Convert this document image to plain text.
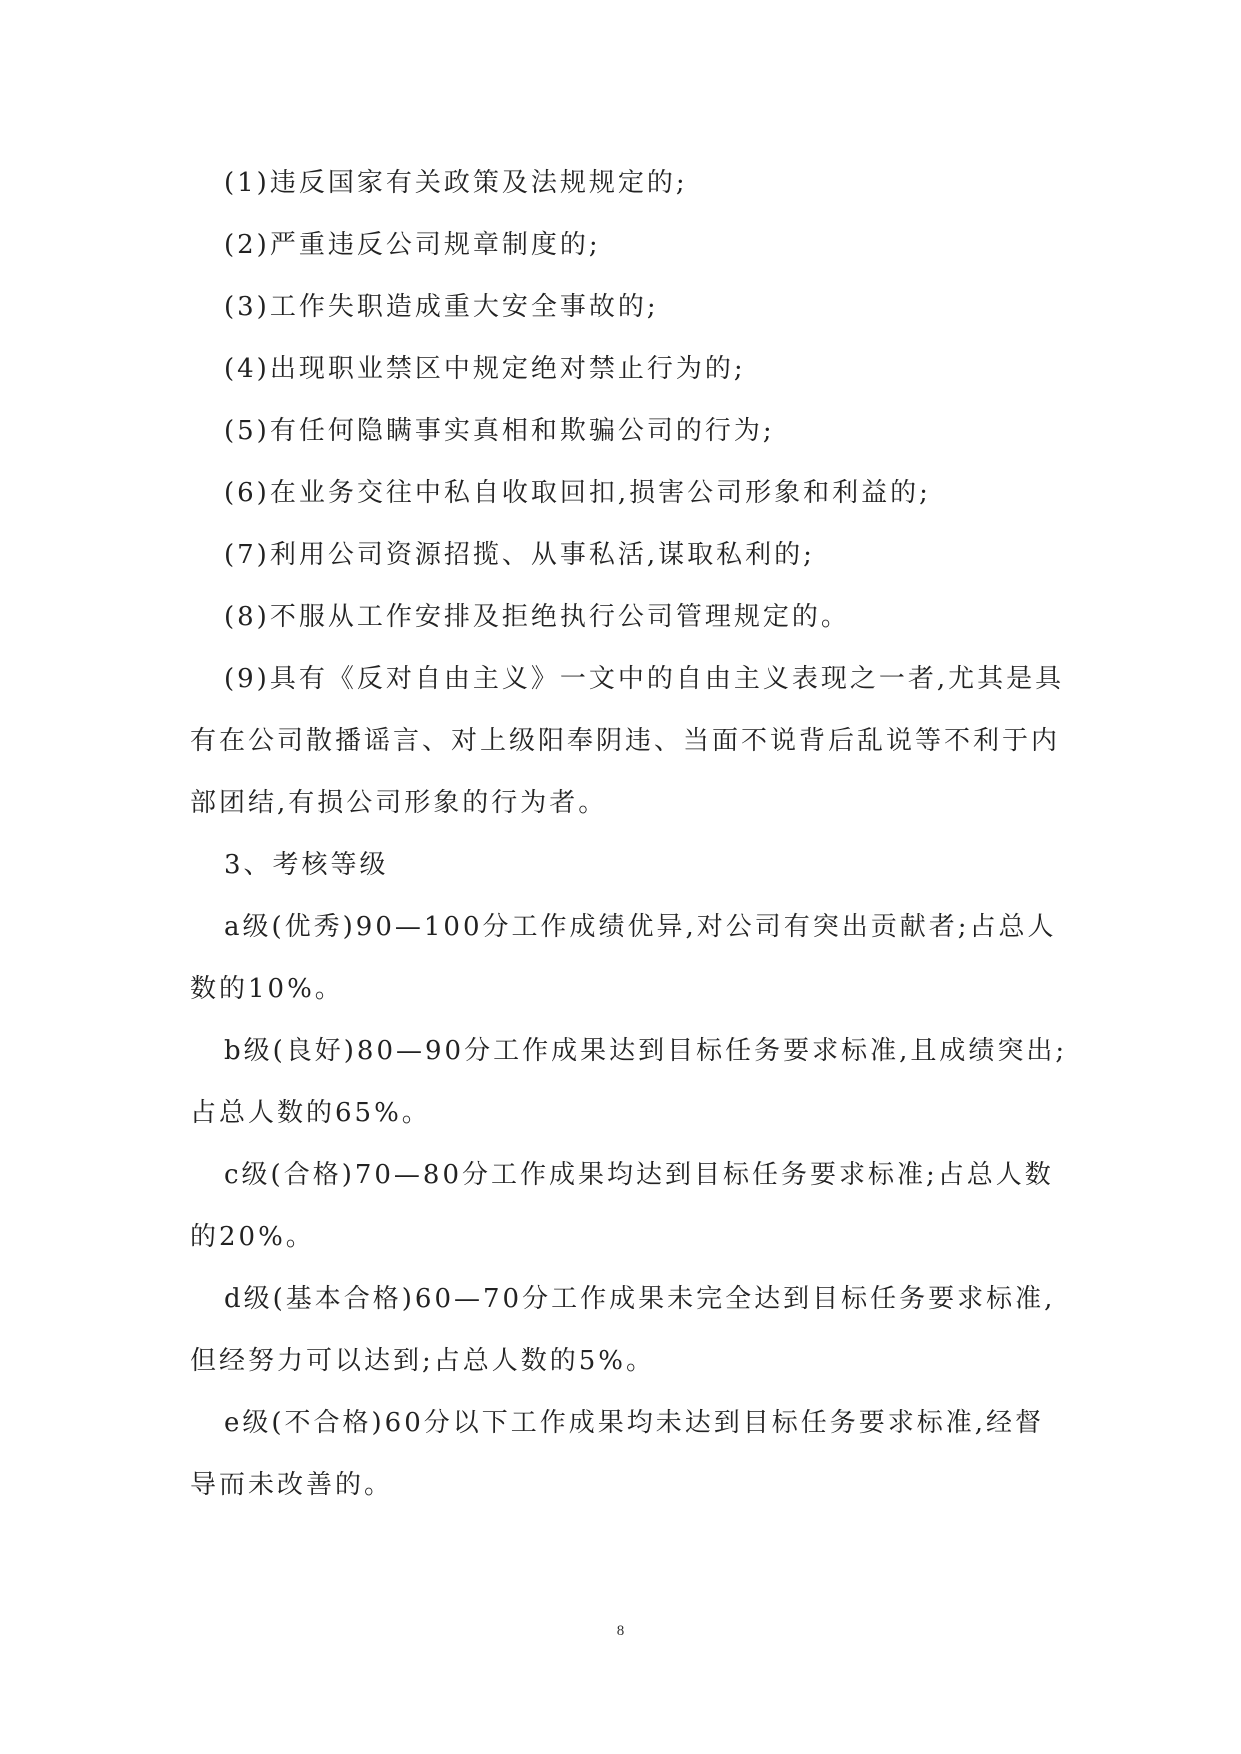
(1)违反国家有关政策及法规规定的;

(2)严重违反公司规章制度的;

(3)工作失职造成重大安全事故的;

(4)出现职业禁区中规定绝对禁止行为的;

(5)有任何隐瞒事实真相和欺骗公司的行为;

(6)在业务交往中私自收取回扣,损害公司形象和利益的;

(7)利用公司资源招揽、从事私活,谋取私利的;

(8)不服从工作安排及拒绝执行公司管理规定的。

(9)具有《反对自由主义》一文中的自由主义表现之一者,尤其是具有在公司散播谣言、对上级阳奉阴违、当面不说背后乱说等不利于内部团结,有损公司形象的行为者。

3、考核等级

a级(优秀)90—100分工作成绩优异,对公司有突出贡献者;占总人数的10%。

b级(良好)80—90分工作成果达到目标任务要求标准,且成绩突出;占总人数的65%。

c级(合格)70—80分工作成果均达到目标任务要求标准;占总人数的20%。

d级(基本合格)60—70分工作成果未完全达到目标任务要求标准,但经努力可以达到;占总人数的5%。

e级(不合格)60分以下工作成果均未达到目标任务要求标准,经督导而未改善的。

8
